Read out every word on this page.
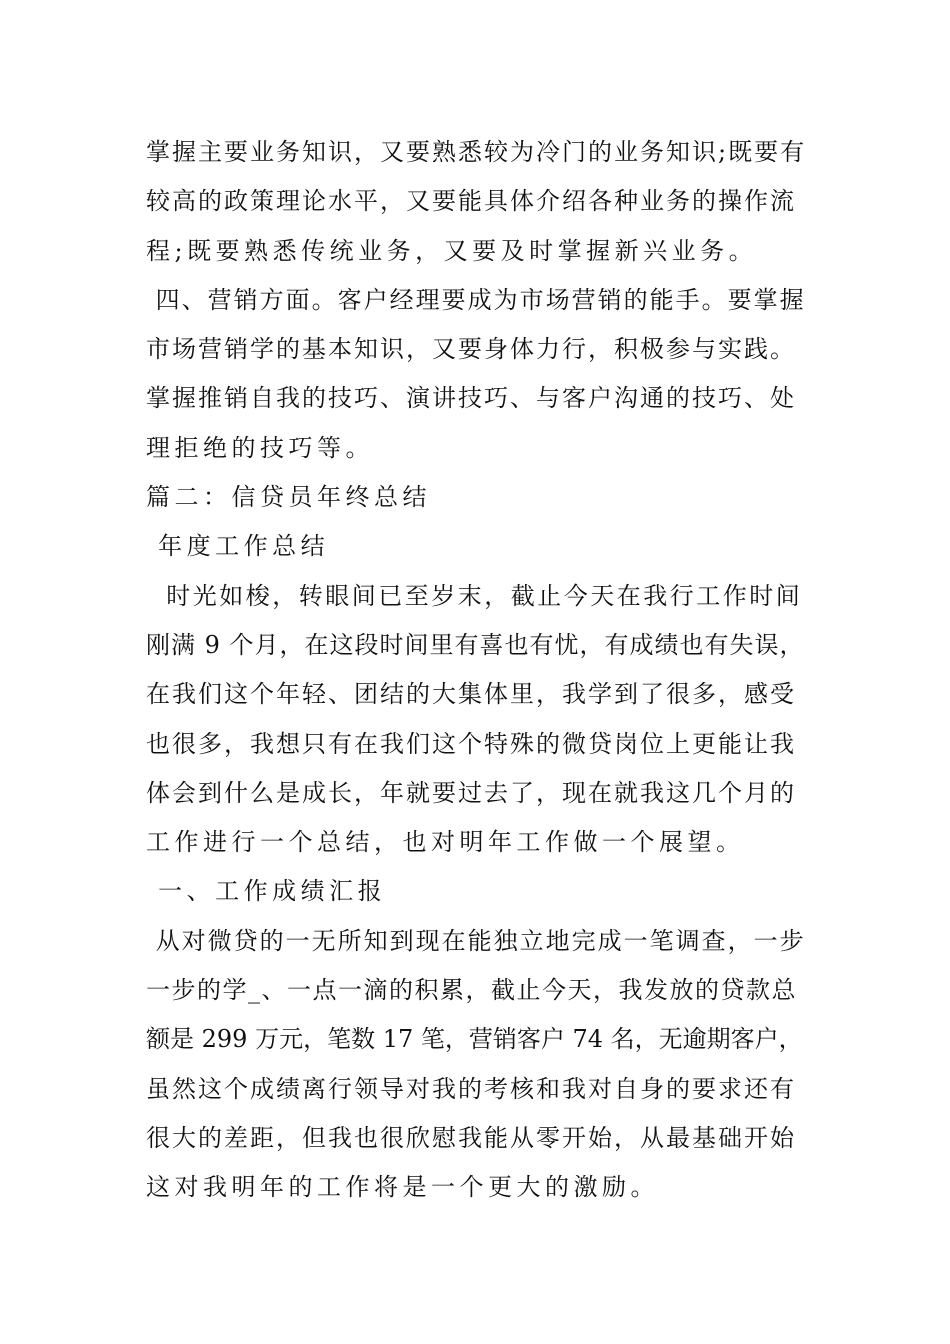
掌握主要业务知识，又要熟悉较为冷门的业务知识;既要有
较高的政策理论水平，又要能具体介绍各种业务的操作流
程;既要熟悉传统业务，又要及时掌握新兴业务。
四、营销方面。客户经理要成为市场营销的能手。要掌握
市场营销学的基本知识，又要身体力行，积极参与实践。
掌握推销自我的技巧、演讲技巧、与客户沟通的技巧、处
理拒绝的技巧等。
篇二：信贷员年终总结
年度工作总结
时光如梭，转眼间已至岁末，截止今天在我行工作时间
刚满 9 个月，在这段时间里有喜也有忧，有成绩也有失误，
在我们这个年轻、团结的大集体里，我学到了很多，感受
也很多，我想只有在我们这个特殊的微贷岗位上更能让我
体会到什么是成长，年就要过去了，现在就我这几个月的
工作进行一个总结，也对明年工作做一个展望。
一、工作成绩汇报
从对微贷的一无所知到现在能独立地完成一笔调查，一步
一步的学_、一点一滴的积累，截止今天，我发放的贷款总
额是 299 万元，笔数 17 笔，营销客户 74 名，无逾期客户，
虽然这个成绩离行领导对我的考核和我对自身的要求还有
很大的差距，但我也很欣慰我能从零开始，从最基础开始
这对我明年的工作将是一个更大的激励。
